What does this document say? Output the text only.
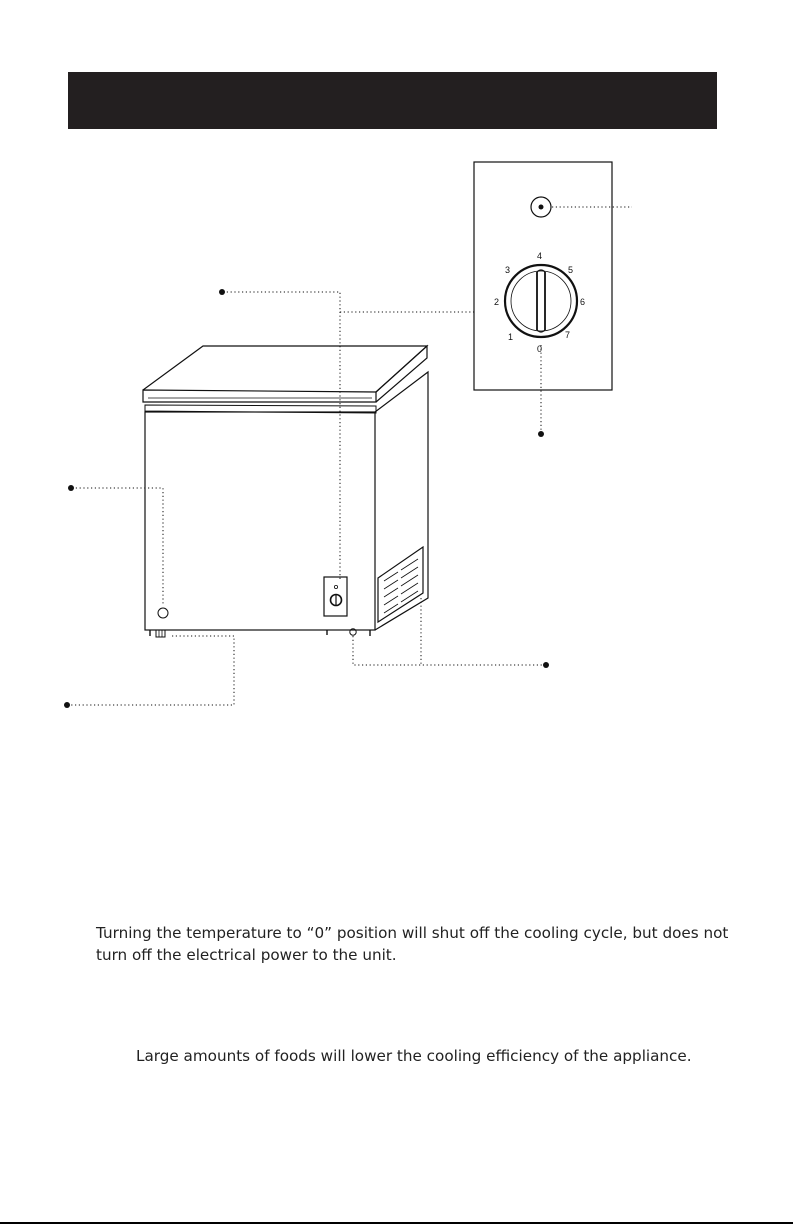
4
3	5
2	6
1	7
0

Turning the temperature to “0” position will shut off the cooling cycle, but does not turn off the electrical power to the unit.

Large amounts of foods will lower the cooling efficiency of the appliance.
